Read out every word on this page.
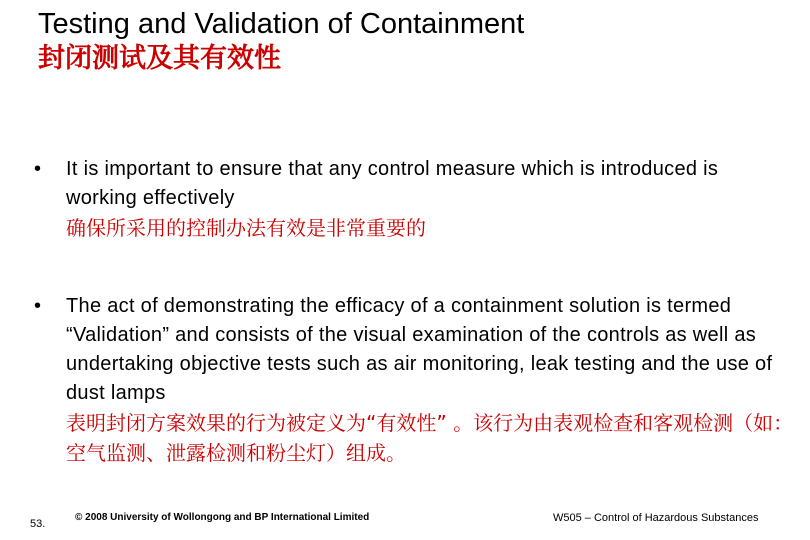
Testing and Validation of Containment
封闭测试及其有效性
• It is important to ensure that any control measure which is introduced is working effectively
确保所采用的控制办法有效是非常重要的
• The act of demonstrating the efficacy of a containment solution is termed “Validation” and consists of the visual examination of the controls as well as undertaking objective tests such as air monitoring, leak testing and the use of dust lamps
表明封闭方案效果的行为被定义为“有效性” 。该行为由表观检查和客观检测（如：空气监测、泄露检测和粉尘灯）组成。
53.
© 2008 University of Wollongong and BP International Limited	W505 – Control of Hazardous Substances
